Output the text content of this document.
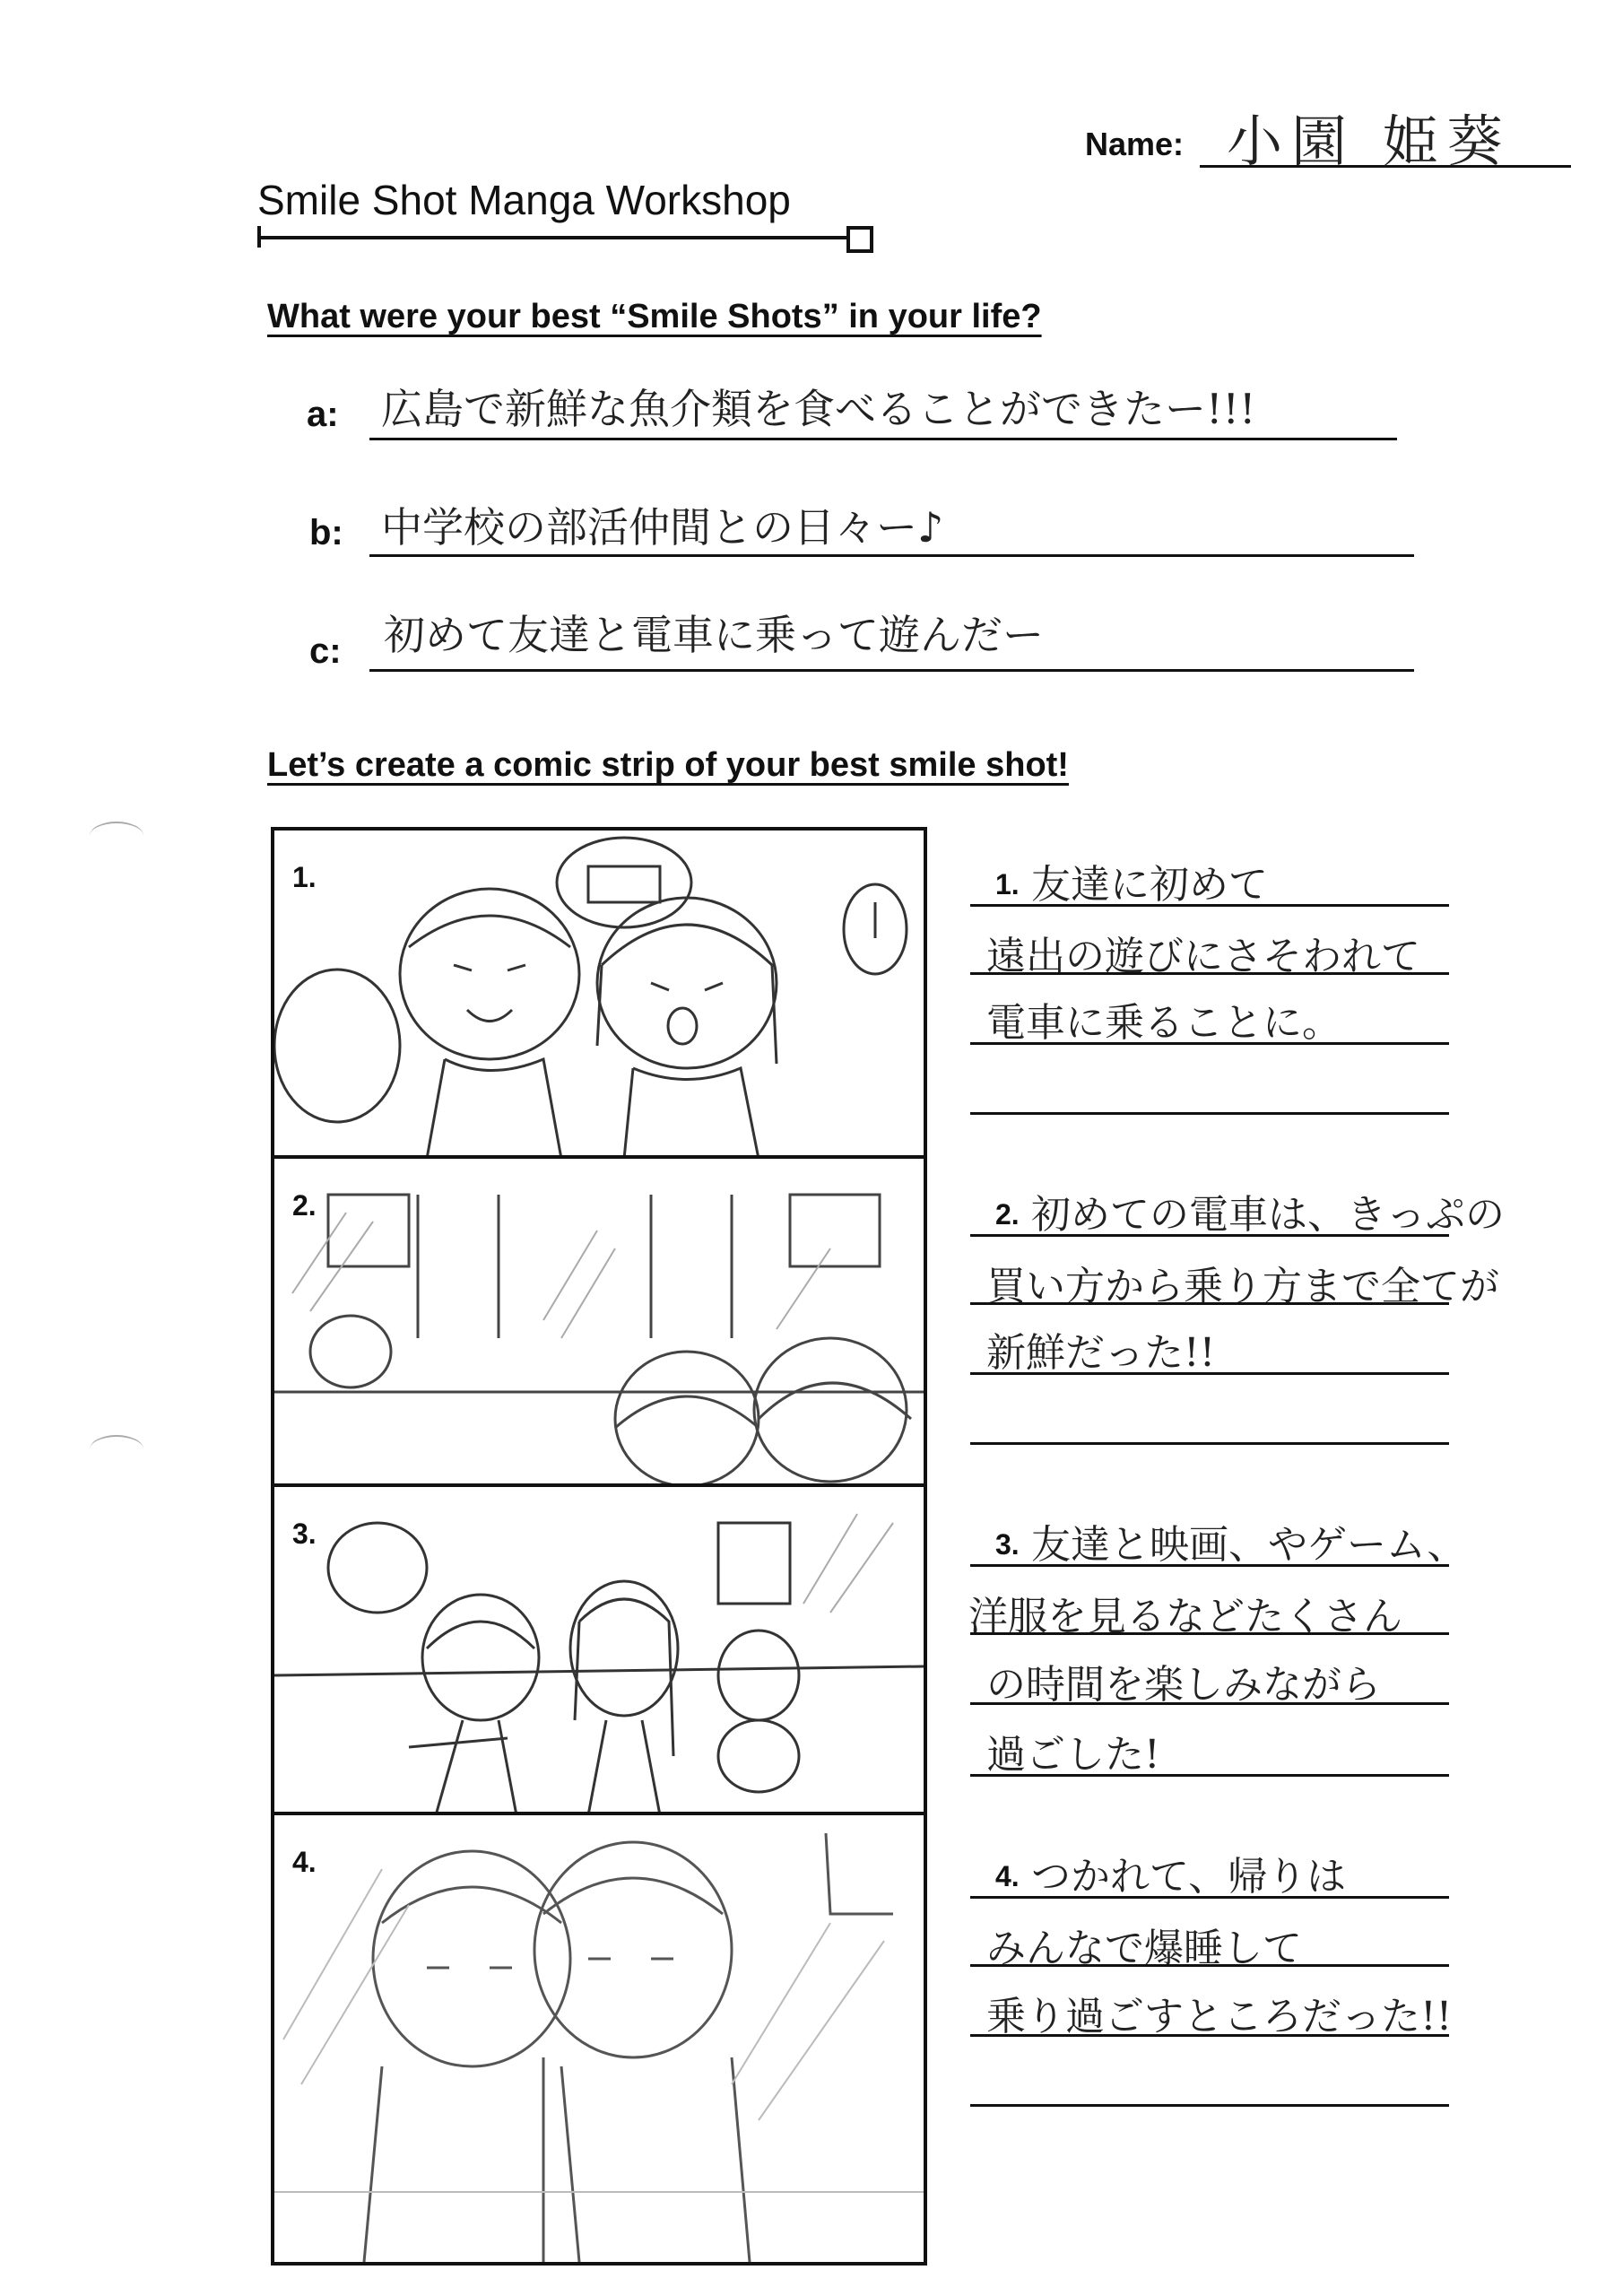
Name: 小園 姫葵
Smile Shot Manga Workshop
What were your best “Smile Shots” in your life?
a: 広島で新鮮な魚介類を食べることができたー!!!
b: 中学校の部活仲間との日々ー♪
c: 初めて友達と電車に乗って遊んだー
Let’s create a comic strip of your best smile shot!
1.
2.
3.
4.
1. 友達に初めて
遠出の遊びにさそわれて
電車に乗ることに。
2. 初めての電車は、きっぷの
買い方から乗り方まで全てが
新鮮だった!!
3. 友達と映画、やゲーム、
洋服を見るなどたくさん
の時間を楽しみながら
過ごした!
4. つかれて、帰りは
みんなで爆睡して
乗り過ごすところだった!!
